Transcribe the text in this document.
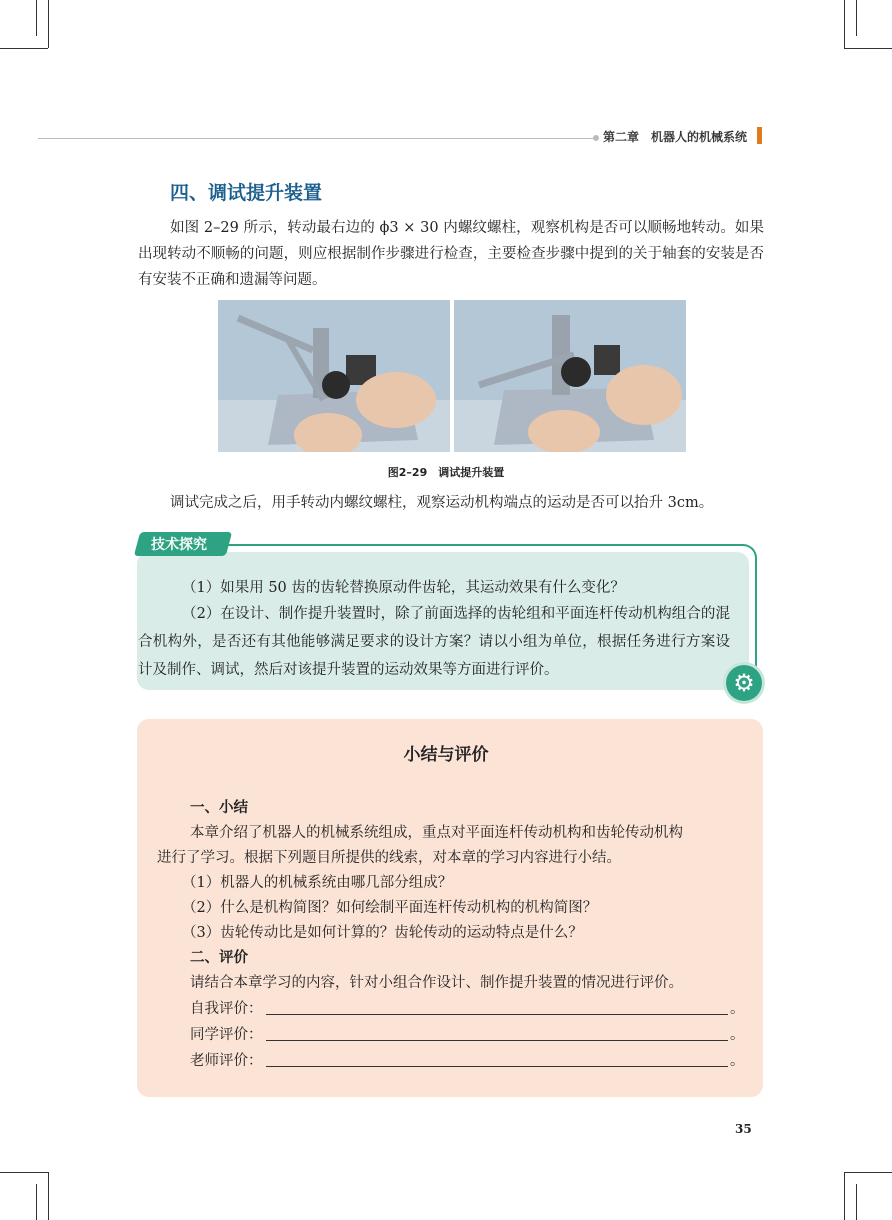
第二章　机器人的机械系统
四、调试提升装置
如图 2–29 所示，转动最右边的 ϕ3 × 30 内螺纹螺柱，观察机构是否可以顺畅地转动。如果出现转动不顺畅的问题，则应根据制作步骤进行检查，主要检查步骤中提到的关于轴套的安装是否有安装不正确和遗漏等问题。
图2–29　调试提升装置
调试完成之后，用手转动内螺纹螺柱，观察运动机构端点的运动是否可以抬升 3cm。
技术探究
（1）如果用 50 齿的齿轮替换原动件齿轮，其运动效果有什么变化？
（2）在设计、制作提升装置时，除了前面选择的齿轮组和平面连杆传动机构组合的混合机构外，是否还有其他能够满足要求的设计方案？请以小组为单位，根据任务进行方案设计及制作、调试，然后对该提升装置的运动效果等方面进行评价。	⚙
小结与评价
一、小结
本章介绍了机器人的机械系统组成，重点对平面连杆传动机构和齿轮传动机构
进行了学习。根据下列题目所提供的线索，对本章的学习内容进行小结。
（1）机器人的机械系统由哪几部分组成？
（2）什么是机构简图？如何绘制平面连杆传动机构的机构简图？
（3）齿轮传动比是如何计算的？齿轮传动的运动特点是什么？
二、评价
请结合本章学习的内容，针对小组合作设计、制作提升装置的情况进行评价。
自我评价：	。
同学评价：	。
老师评价：	。
35
